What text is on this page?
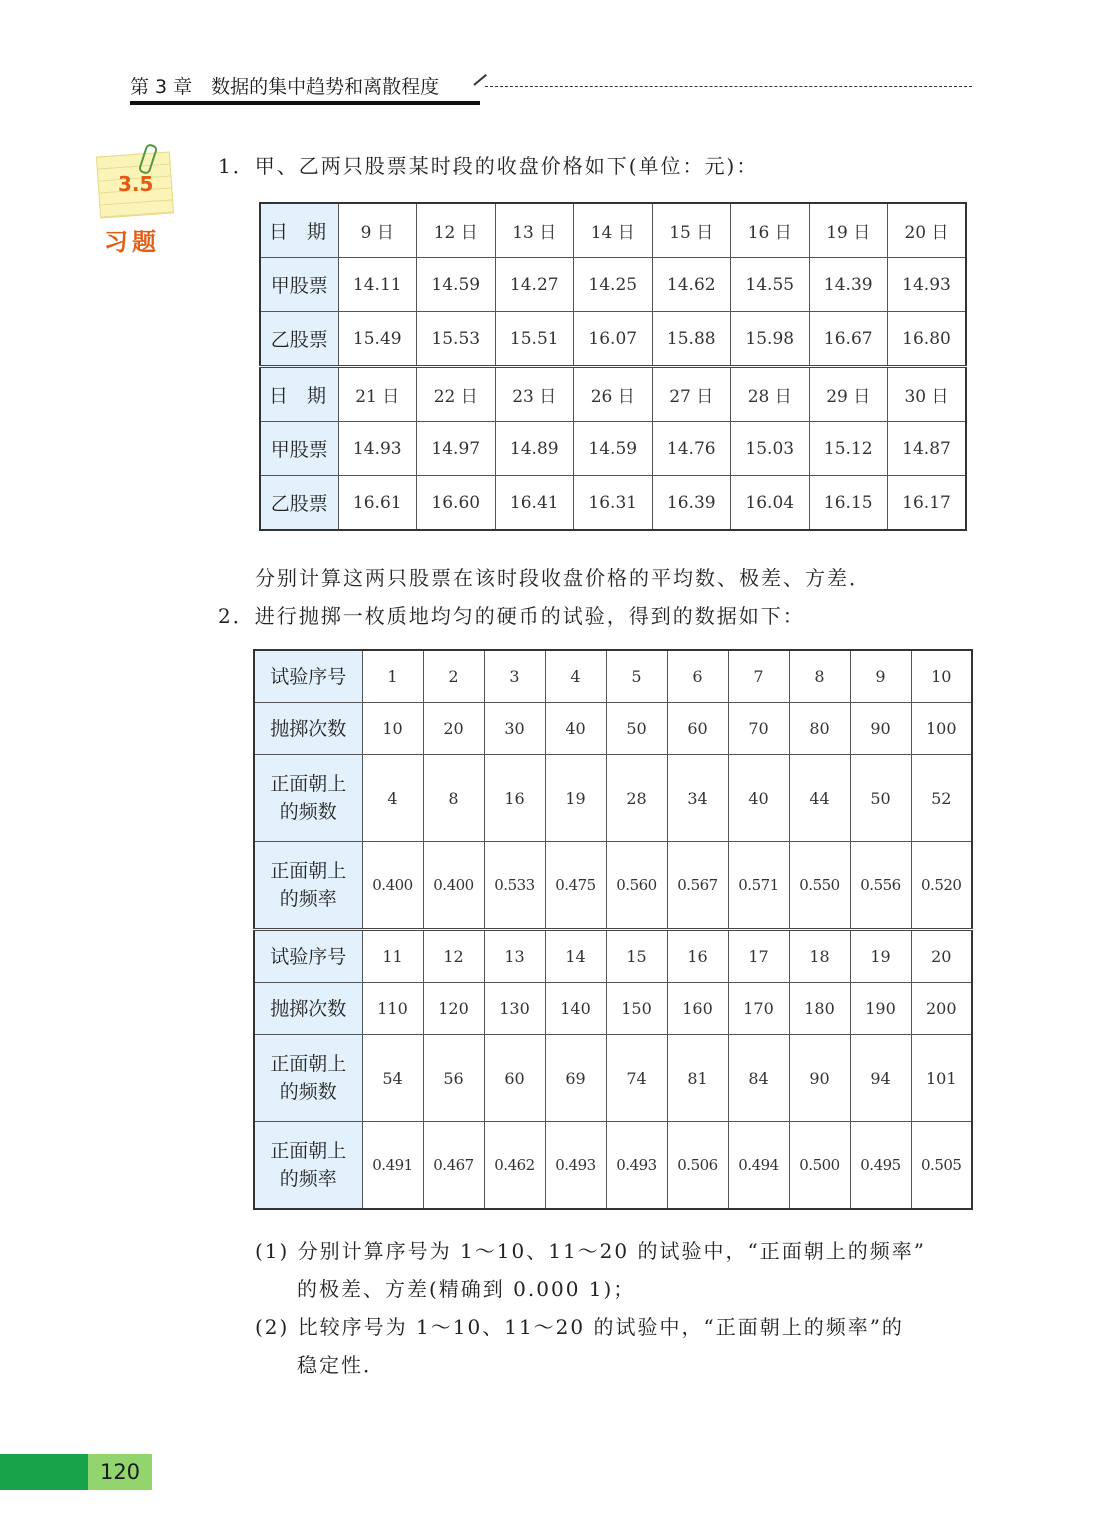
第 3 章　数据的集中趋势和离散程度
3.5
习题
1．甲、乙两只股票某时段的收盘价格如下(单位：元)：
日　期	9 日	12 日	13 日	14 日	15 日	16 日	19 日	20 日
甲股票	14.11	14.59	14.27	14.25	14.62	14.55	14.39	14.93
乙股票	15.49	15.53	15.51	16.07	15.88	15.98	16.67	16.80
日　期	21 日	22 日	23 日	26 日	27 日	28 日	29 日	30 日
甲股票	14.93	14.97	14.89	14.59	14.76	15.03	15.12	14.87
乙股票	16.61	16.60	16.41	16.31	16.39	16.04	16.15	16.17
分别计算这两只股票在该时段收盘价格的平均数、极差、方差．
2．进行抛掷一枚质地均匀的硬币的试验，得到的数据如下：
试验序号	1	2	3	4	5	6	7	8	9	10
抛掷次数	10	20	30	40	50	60	70	80	90	100
正面朝上的频数	4	8	16	19	28	34	40	44	50	52
正面朝上的频率	0.400	0.400	0.533	0.475	0.560	0.567	0.571	0.550	0.556	0.520
试验序号	11	12	13	14	15	16	17	18	19	20
抛掷次数	110	120	130	140	150	160	170	180	190	200
正面朝上的频数	54	56	60	69	74	81	84	90	94	101
正面朝上的频率	0.491	0.467	0.462	0.493	0.493	0.506	0.494	0.500	0.495	0.505
(1) 分别计算序号为 1～10、11～20 的试验中，“正面朝上的频率”
的极差、方差(精确到 0.000 1)；
(2) 比较序号为 1～10、11～20 的试验中，“正面朝上的频率”的
稳定性．
120
